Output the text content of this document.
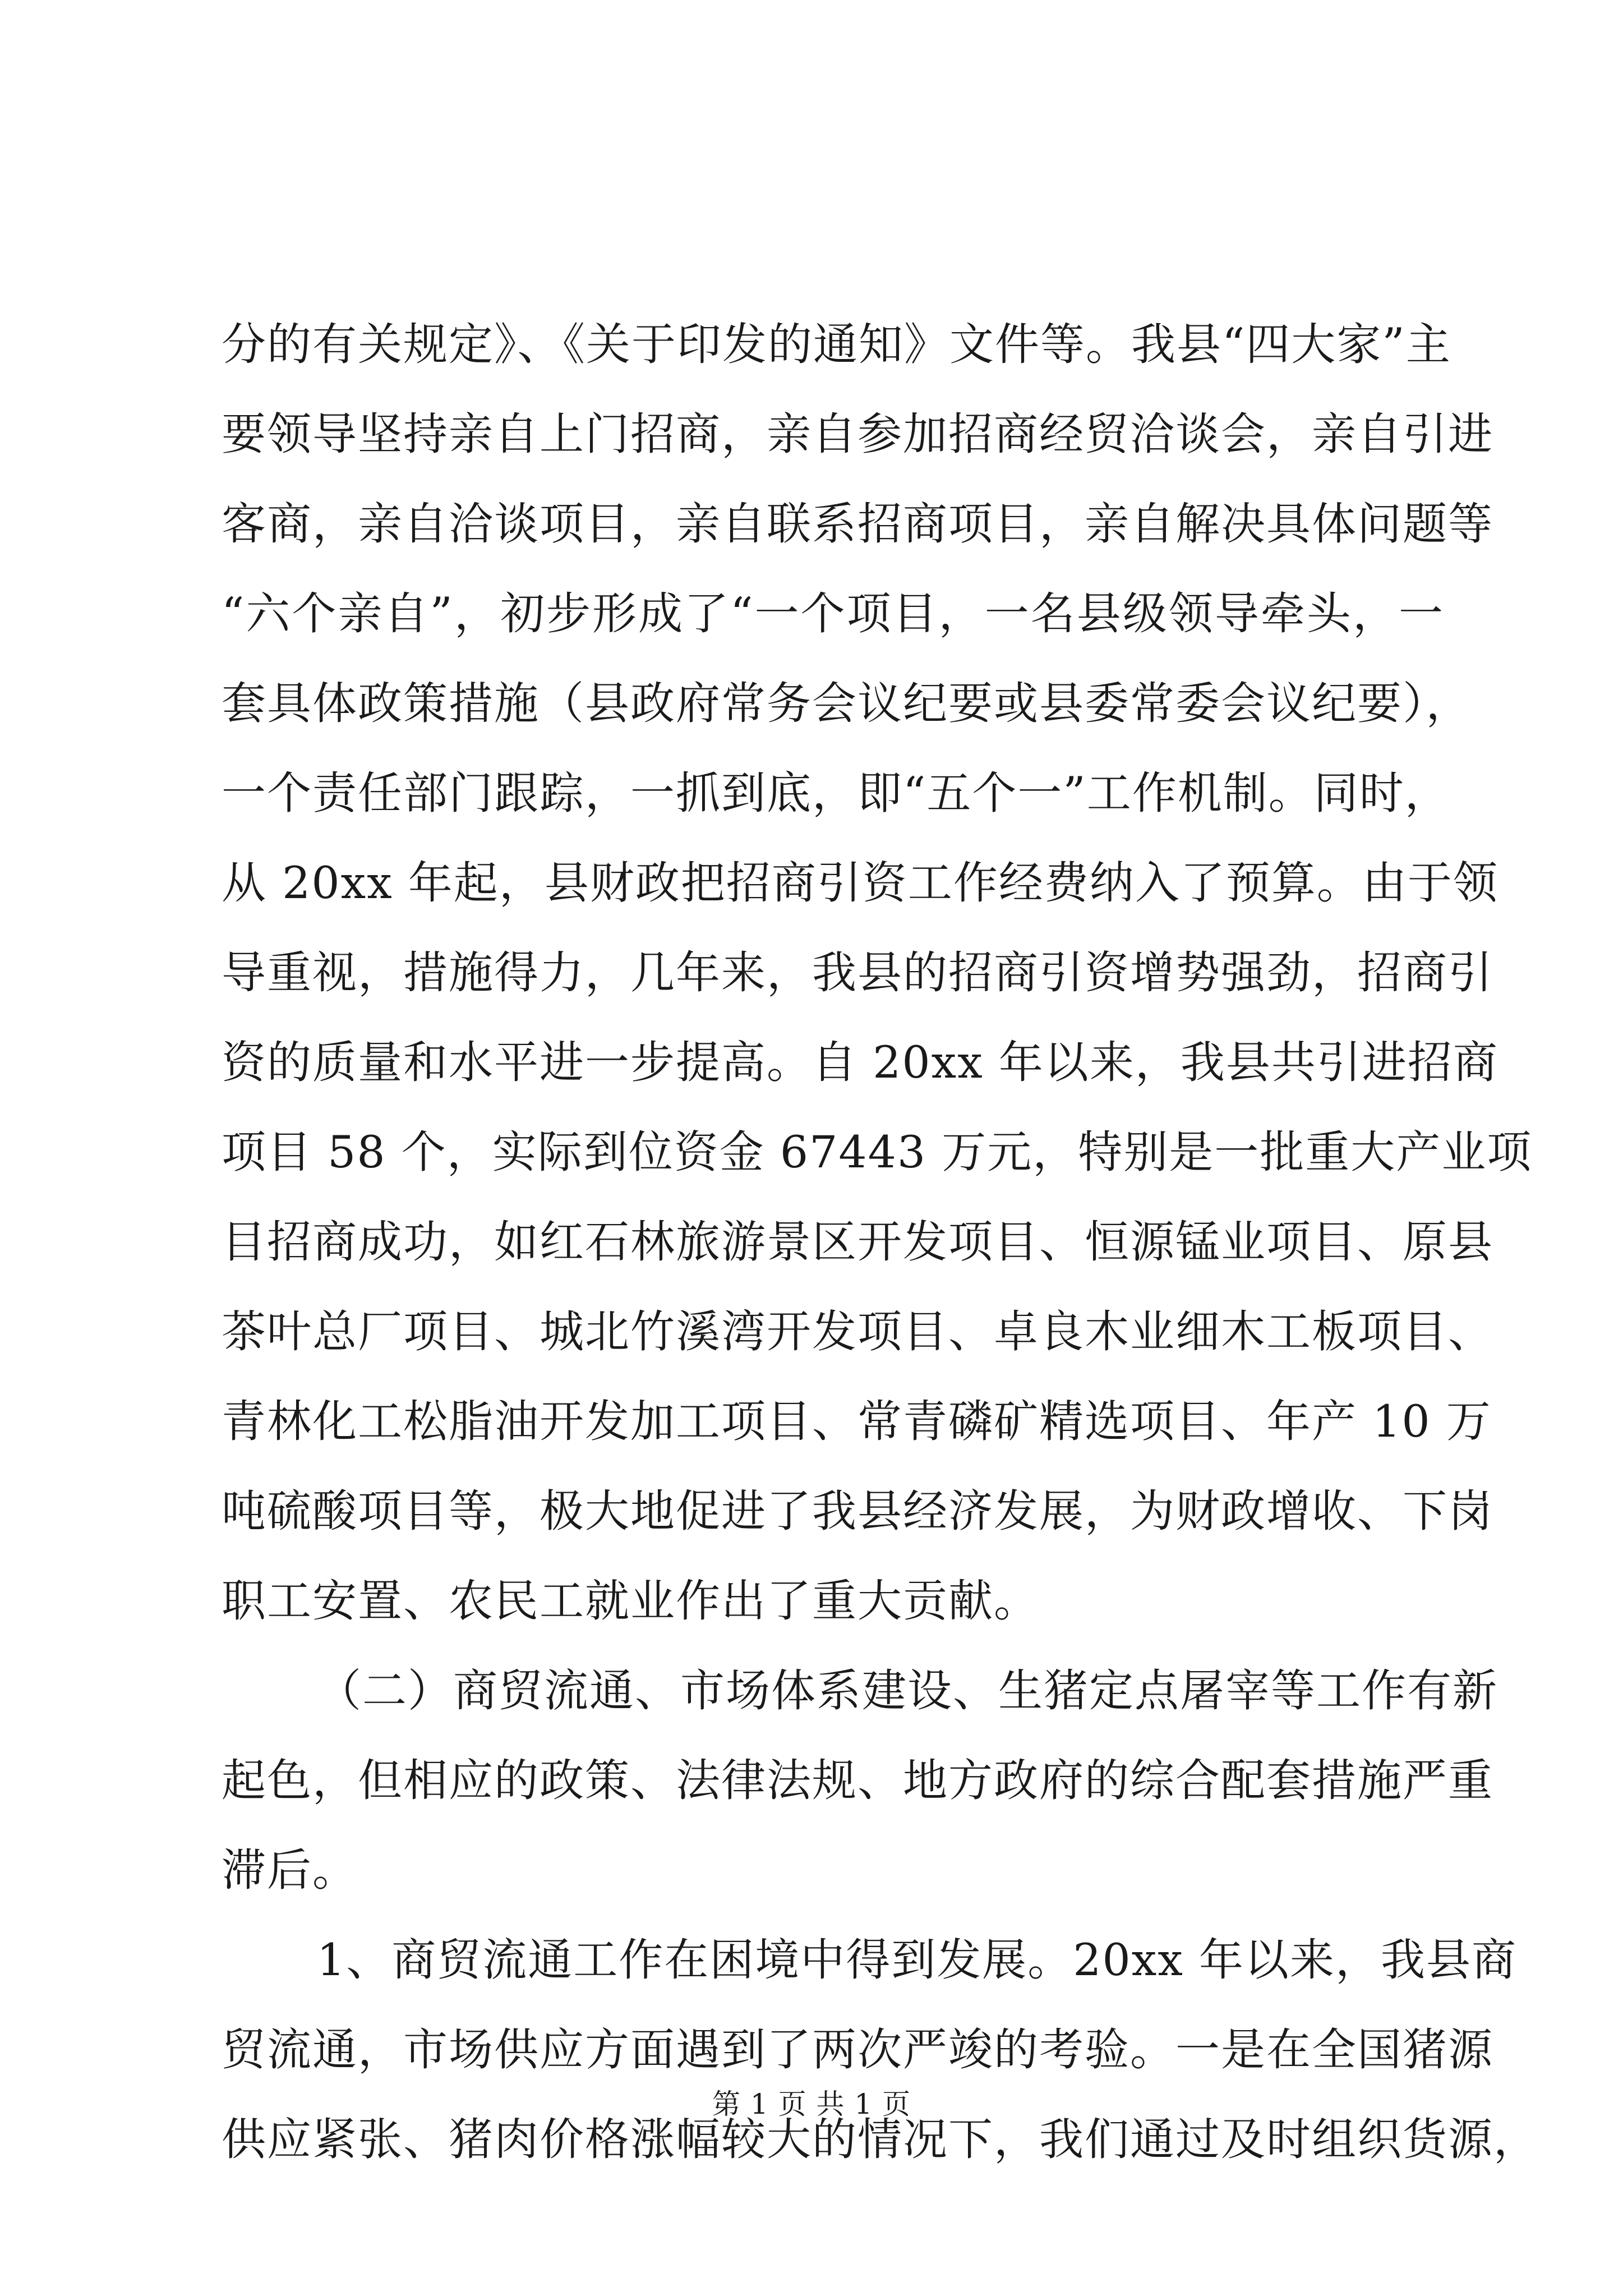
分的有关规定》、《关于印发的通知》文件等。我县“四大家”主
要领导坚持亲自上门招商，亲自参加招商经贸洽谈会，亲自引进
客商，亲自洽谈项目，亲自联系招商项目，亲自解决具体问题等
“六个亲自”，初步形成了“一个项目，一名县级领导牵头，一
套具体政策措施（县政府常务会议纪要或县委常委会议纪要），
一个责任部门跟踪，一抓到底，即“五个一”工作机制。同时，
从 20xx 年起，县财政把招商引资工作经费纳入了预算。由于领
导重视，措施得力，几年来，我县的招商引资增势强劲，招商引
资的质量和水平进一步提高。自 20xx 年以来，我县共引进招商
项目 58 个，实际到位资金 67443 万元，特别是一批重大产业项
目招商成功，如红石林旅游景区开发项目、恒源锰业项目、原县
茶叶总厂项目、城北竹溪湾开发项目、卓良木业细木工板项目、
青林化工松脂油开发加工项目、常青磷矿精选项目、年产 10 万
吨硫酸项目等，极大地促进了我县经济发展，为财政增收、下岗
职工安置、农民工就业作出了重大贡献。
（二）商贸流通、市场体系建设、生猪定点屠宰等工作有新
起色，但相应的政策、法律法规、地方政府的综合配套措施严重
滞后。
1、商贸流通工作在困境中得到发展。20xx 年以来，我县商
贸流通，市场供应方面遇到了两次严竣的考验。一是在全国猪源
供应紧张、猪肉价格涨幅较大的情况下，我们通过及时组织货源，
第 1 页 共 1 页
